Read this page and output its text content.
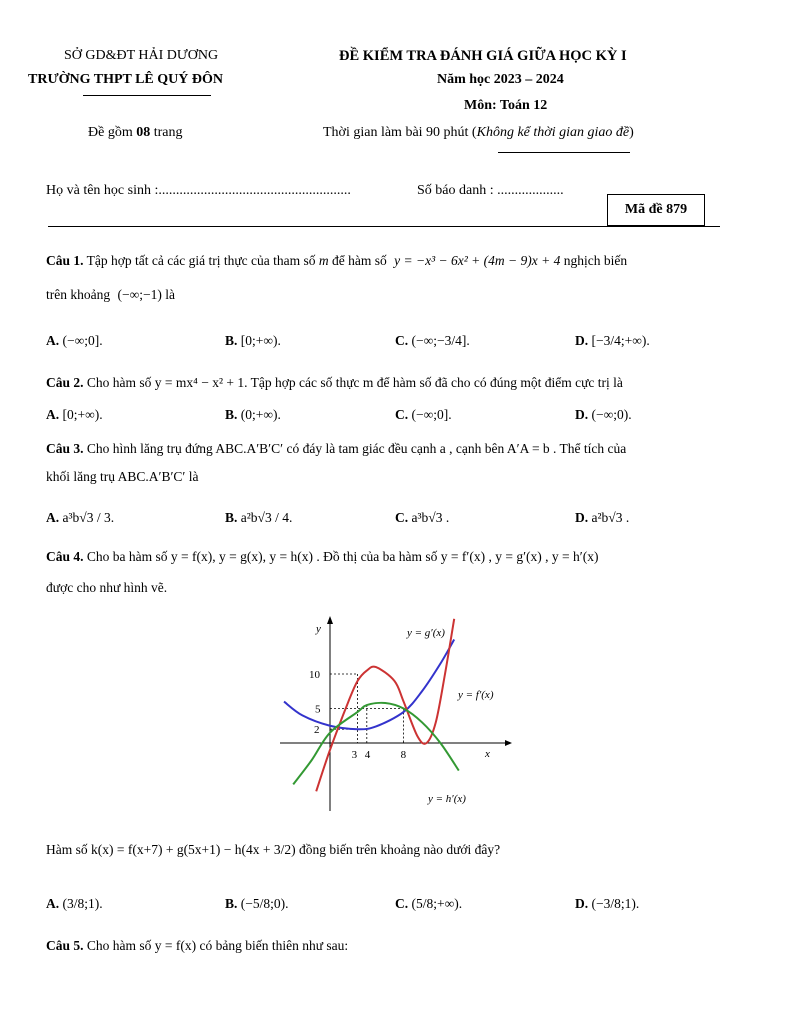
SỞ GD&ĐT HẢI DƯƠNG
TRƯỜNG THPT LÊ QUÝ ĐÔN
Đề gồm 08 trang
ĐỀ KIỂM TRA ĐÁNH GIÁ GIỮA HỌC KỲ I
Năm học 2023 – 2024
Môn: Toán 12
Thời gian làm bài 90 phút (Không kể thời gian giao đề)
Họ và tên học sinh :.......................................................	Số báo danh : ...................
Mã đề 879
Câu 1. Tập hợp tất cả các giá trị thực của tham số m để hàm số y = −x³ − 6x² + (4m − 9)x + 4 nghịch biến
trên khoảng (−∞;−1) là
A. (−∞;0].	B. [0;+∞).	C. (−∞;−3/4].	D. [−3/4;+∞).
Câu 2. Cho hàm số y = mx⁴ − x² + 1. Tập hợp các số thực m để hàm số đã cho có đúng một điểm cực trị là
A. [0;+∞).	B. (0;+∞).	C. (−∞;0].	D. (−∞;0).
Câu 3. Cho hình lăng trụ đứng ABC.A′B′C′ có đáy là tam giác đều cạnh a , cạnh bên A′A = b . Thể tích của
khối lăng trụ ABC.A′B′C′ là
A. a³b√3 / 3.	B. a²b√3 / 4.	C. a³b√3 .	D. a²b√3 .
Câu 4. Cho ba hàm số y = f(x), y = g(x), y = h(x) . Đồ thị của ba hàm số y = f′(x) , y = g′(x) , y = h′(x)
được cho như hình vẽ.
3 4	8
2
5
10
y
x
y = g′(x)
y = f′(x)
y = h′(x)
Hàm số k(x) = f(x+7) + g(5x+1) − h(4x + 3/2) đồng biến trên khoảng nào dưới đây?
A. (3/8;1).	B. (−5/8;0).	C. (5/8;+∞).	D. (−3/8;1).
Câu 5. Cho hàm số y = f(x) có bảng biến thiên như sau:
